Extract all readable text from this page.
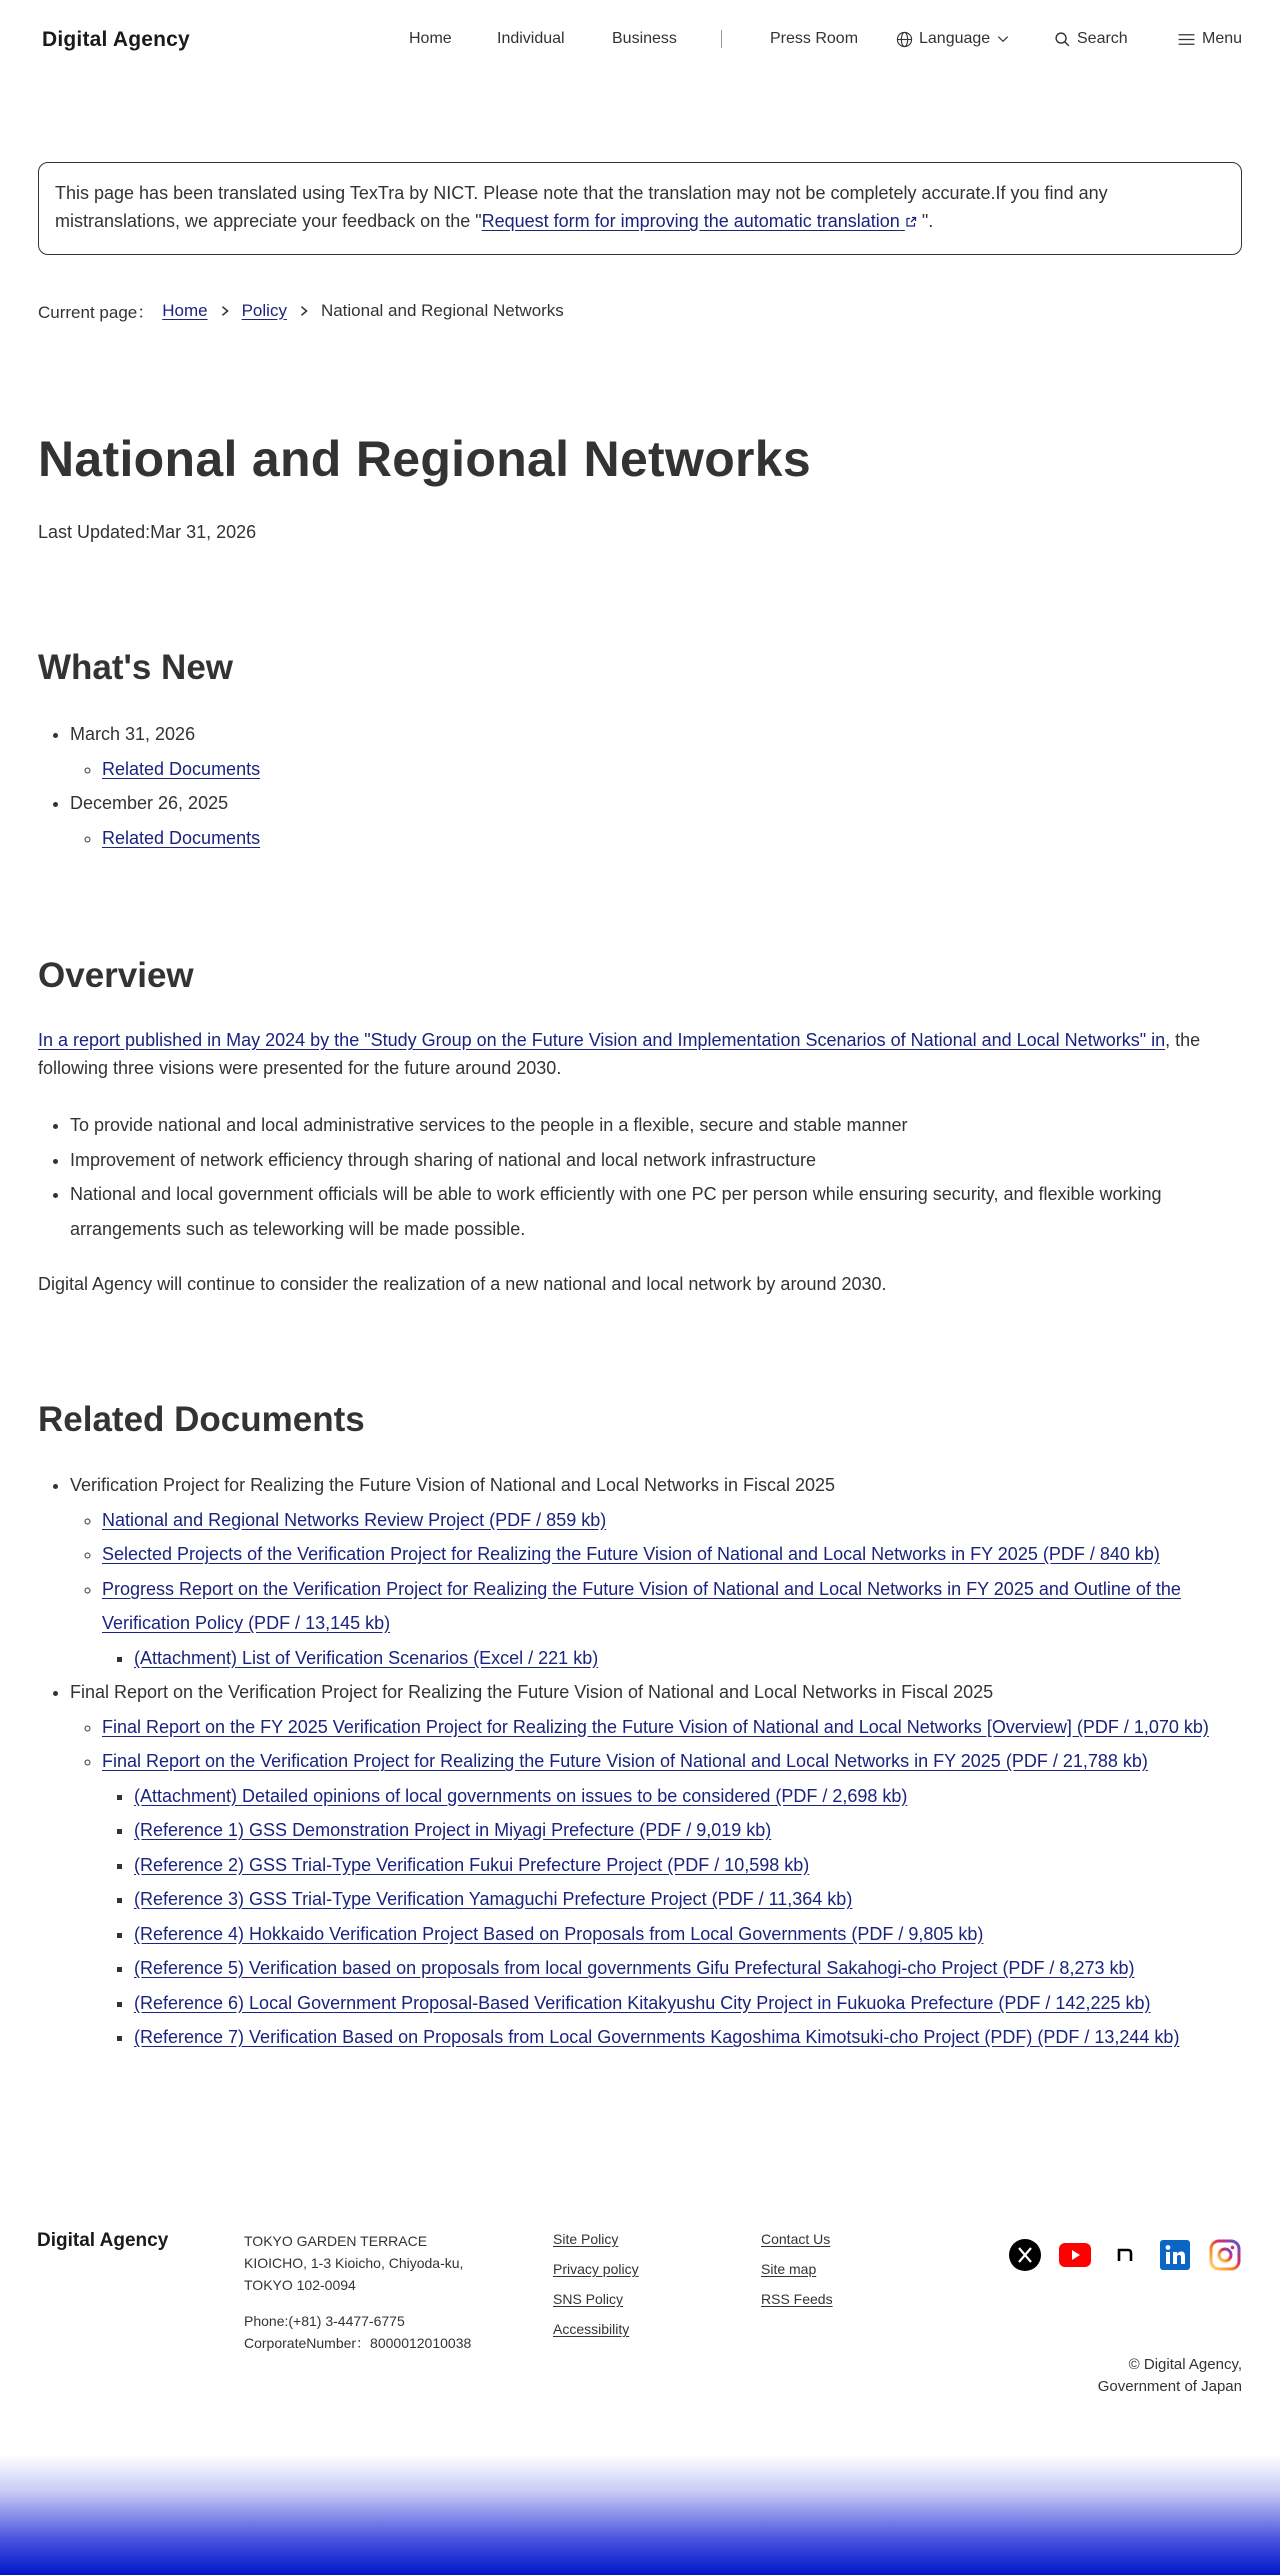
Digital Agency	Home	Individual	Business	Press Room	Language	Search	Menu
This page has been translated using TexTra by NICT. Please note that the translation may not be completely accurate.If you find any mistranslations, we appreciate your feedback on the "Request form for improving the automatic translation ".
Current page： Home Policy National and Regional Networks
National and Regional Networks
Last Updated:Mar 31, 2026
What's New
• March 31, 2026
◦ Related Documents
• December 26, 2025
◦ Related Documents
Overview
In a report published in May 2024 by the "Study Group on the Future Vision and Implementation Scenarios of National and Local Networks" in, the following three visions were presented for the future around 2030.
• To provide national and local administrative services to the people in a flexible, secure and stable manner
• Improvement of network efficiency through sharing of national and local network infrastructure
• National and local government officials will be able to work efficiently with one PC per person while ensuring security, and flexible working arrangements such as teleworking will be made possible.
Digital Agency will continue to consider the realization of a new national and local network by around 2030.
Related Documents
• Verification Project for Realizing the Future Vision of National and Local Networks in Fiscal 2025
◦ National and Regional Networks Review Project (PDF / 859 kb)
◦ Selected Projects of the Verification Project for Realizing the Future Vision of National and Local Networks in FY 2025 (PDF / 840 kb)
◦ Progress Report on the Verification Project for Realizing the Future Vision of National and Local Networks in FY 2025 and Outline of the Verification Policy (PDF / 13,145 kb)
▪ (Attachment) List of Verification Scenarios (Excel / 221 kb)
• Final Report on the Verification Project for Realizing the Future Vision of National and Local Networks in Fiscal 2025
◦ Final Report on the FY 2025 Verification Project for Realizing the Future Vision of National and Local Networks [Overview] (PDF / 1,070 kb)
◦ Final Report on the Verification Project for Realizing the Future Vision of National and Local Networks in FY 2025 (PDF / 21,788 kb)
▪ (Attachment) Detailed opinions of local governments on issues to be considered (PDF / 2,698 kb)
▪ (Reference 1) GSS Demonstration Project in Miyagi Prefecture (PDF / 9,019 kb)
▪ (Reference 2) GSS Trial-Type Verification Fukui Prefecture Project (PDF / 10,598 kb)
▪ (Reference 3) GSS Trial-Type Verification Yamaguchi Prefecture Project (PDF / 11,364 kb)
▪ (Reference 4) Hokkaido Verification Project Based on Proposals from Local Governments (PDF / 9,805 kb)
▪ (Reference 5) Verification based on proposals from local governments Gifu Prefectural Sakahogi-cho Project (PDF / 8,273 kb)
▪ (Reference 6) Local Government Proposal-Based Verification Kitakyushu City Project in Fukuoka Prefecture (PDF / 142,225 kb)
▪ (Reference 7) Verification Based on Proposals from Local Governments Kagoshima Kimotsuki-cho Project (PDF) (PDF / 13,244 kb)
Digital Agency	TOKYO GARDEN TERRACE
KIOICHO, 1-3 Kioicho, Chiyoda-ku,
TOKYO 102-0094
Phone:(+81) 3-4477-6775
CorporateNumber：8000012010038
Site Policy
Privacy policy
SNS Policy
Accessibility
Contact Us
Site map
RSS Feeds
© Digital Agency,
Government of Japan
